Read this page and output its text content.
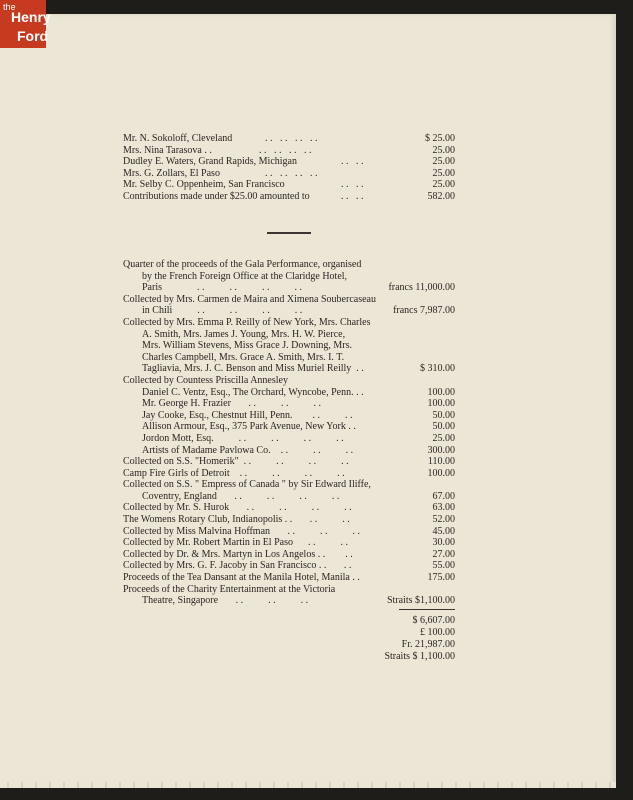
the
Henry
Ford
Mr. N. Sokoloff, Cleveland	. .   . .   . .   . .	$ 25.00
Mrs. Nina Tarasova . .	. .   . .   . .   . .	25.00
Dudley E. Waters, Grand Rapids, Michigan	. .   . .	25.00
Mrs. G. Zollars, El Paso	. .   . .   . .   . .	25.00
Mr. Selby C. Oppenheim, San Francisco	. .   . .	25.00
Contributions made under $25.00 amounted to	. .   . .	582.00
Quarter of the proceeds of the Gala Performance, organised
by the French Foreign Office at the Claridge Hotel,
Paris              . .          . .          . .          . .	francs 11,000.00
Collected by Mrs. Carmen de Maira and Ximena Soubercaseau
in Chili          . .          . .          . .          . .	francs 7,987.00
Collected by Mrs. Emma P. Reilly of New York, Mrs. Charles
A. Smith, Mrs. James J. Young, Mrs. H. W. Pierce,
Mrs. William Stevens, Miss Grace J. Downing, Mrs.
Charles Campbell, Mrs. Grace A. Smith, Mrs. I. T.
Tagliavia, Mrs. J. C. Benson and Miss Muriel Reilly  . .	$ 310.00
Collected by Countess Priscilla Annesley
Daniel C. Ventz, Esq., The Orchard, Wyncobe, Penn. . .	100.00
Mr. George H. Frazier       . .          . .          . .	100.00
Jay Cooke, Esq., Chestnut Hill, Penn.        . .          . .	50.00
Allison Armour, Esq., 375 Park Avenue, New York . .	50.00
Jordon Mott, Esq.          . .          . .          . .          . .	25.00
Artists of Madame Pavlowa Co.    . .          . .          . .	300.00
Collected on S.S. "Homerik"  . .          . .          . .          . .	110.00
Camp Fire Girls of Detroit    . .          . .          . .          . .	100.00
Collected on S.S. " Empress of Canada " by Sir Edward Iliffe,
Coventry, England       . .          . .          . .          . .	67.00
Collected by Mr. S. Hurok       . .          . .          . .          . .	63.00
The Womens Rotary Club, Indianopolis . .       . .          . .	52.00
Collected by Miss Malvina Hoffman       . .          . .          . .	45.00
Collected by Mr. Robert Martin in El Paso      . .          . .	30.00
Collected by Dr. & Mrs. Martyn in Los Angelos . .        . .	27.00
Collected by Mrs. G. F. Jacoby in San Francisco . .       . .	55.00
Proceeds of the Tea Dansant at the Manila Hotel, Manila . .	175.00
Proceeds of the Charity Entertainment at the Victoria
Theatre, Singapore       . .          . .          . .	Straits $1,100.00
$ 6,607.00
£ 100.00
Fr. 21,987.00
Straits $ 1,100.00
